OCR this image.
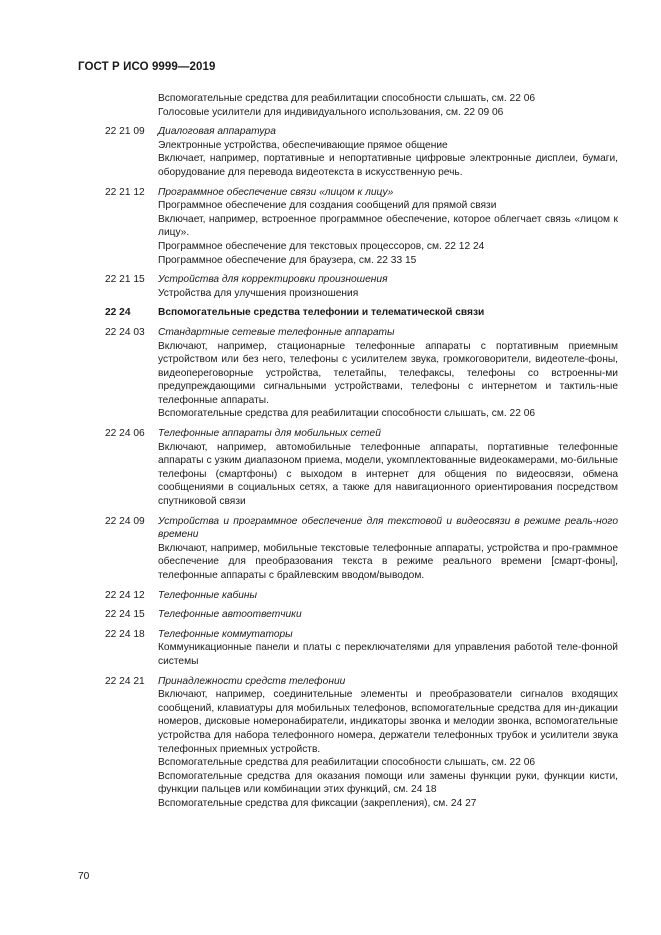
ГОСТ Р ИСО 9999—2019
Вспомогательные средства для реабилитации способности слышать, см. 22 06
Голосовые усилители для индивидуального использования, см. 22 09 06
22 21 09 Диалоговая аппаратура
Электронные устройства, обеспечивающие прямое общение
Включает, например, портативные и непортативные цифровые электронные дисплеи, бумаги, оборудование для перевода видеотекста в искусственную речь.
22 21 12 Программное обеспечение связи «лицом к лицу»
Программное обеспечение для создания сообщений для прямой связи
Включает, например, встроенное программное обеспечение, которое облегчает связь «лицом к лицу».
Программное обеспечение для текстовых процессоров, см. 22 12 24
Программное обеспечение для браузера, см. 22 33 15
22 21 15 Устройства для корректировки произношения
Устройства для улучшения произношения
22 24	Вспомогательные средства телефонии и телематической связи
22 24 03 Стандартные сетевые телефонные аппараты
Включают, например, стационарные телефонные аппараты с портативным приемным устройством или без него, телефоны с усилителем звука, громкоговорители, видеотеле-фоны, видеопереговорные устройства, телетайпы, телефаксы, телефоны со встроенны-ми предупреждающими сигнальными устройствами, телефоны с интернетом и тактиль-ные телефонные аппараты.
Вспомогательные средства для реабилитации способности слышать, см. 22 06
22 24 06 Телефонные аппараты для мобильных сетей
Включают, например, автомобильные телефонные аппараты, портативные телефонные аппараты с узким диапазоном приема, модели, укомплектованные видеокамерами, мо-бильные телефоны (смартфоны) с выходом в интернет для общения по видеосвязи, обмена сообщениями в социальных сетях, а также для навигационного ориентирования посредством спутниковой связи
22 24 09 Устройства и программное обеспечение для текстовой и видеосвязи в режиме реаль-ного времени
Включают, например, мобильные текстовые телефонные аппараты, устройства и про-граммное обеспечение для преобразования текста в режиме реального времени [смарт-фоны], телефонные аппараты с брайлевским вводом/выводом.
22 24 12 Телефонные кабины
22 24 15 Телефонные автоответчики
22 24 18 Телефонные коммутаторы
Коммуникационные панели и платы с переключателями для управления работой теле-фонной системы
22 24 21 Принадлежности средств телефонии
Включают, например, соединительные элементы и преобразователи сигналов входящих сообщений, клавиатуры для мобильных телефонов, вспомогательные средства для ин-дикации номеров, дисковые номеронабиратели, индикаторы звонка и мелодии звонка, вспомогательные устройства для набора телефонного номера, держатели телефонных трубок и усилители звука телефонных приемных устройств.
Вспомогательные средства для реабилитации способности слышать, см. 22 06
Вспомогательные средства для оказания помощи или замены функции руки, функции кисти, функции пальцев или комбинации этих функций, см. 24 18
Вспомогательные средства для фиксации (закрепления), см. 24 27
70
